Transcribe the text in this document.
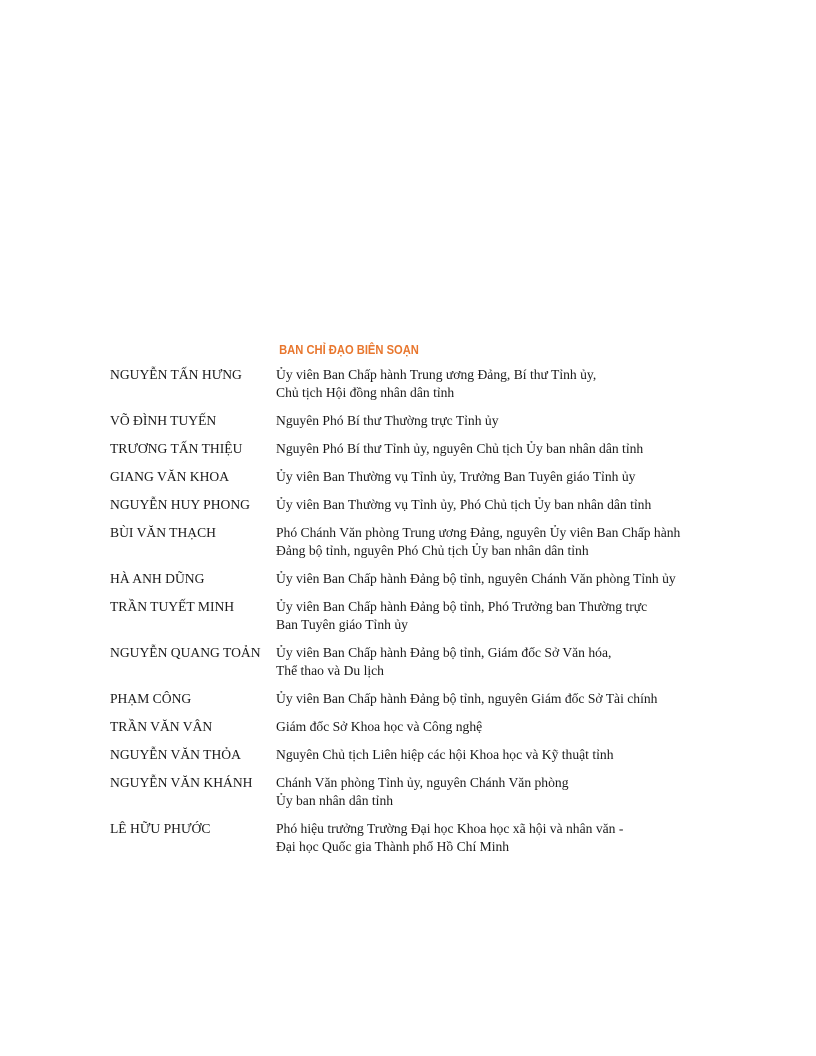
BAN CHỈ ĐẠO BIÊN SOẠN
NGUYỄN TẤN HƯNG	Ủy viên Ban Chấp hành Trung ương Đảng, Bí thư Tỉnh ủy,
Chủ tịch Hội đồng nhân dân tỉnh
VÕ ĐÌNH TUYẾN	Nguyên Phó Bí thư Thường trực Tỉnh ủy
TRƯƠNG TẤN THIỆU	Nguyên Phó Bí thư Tỉnh ủy, nguyên Chủ tịch Ủy ban nhân dân tỉnh
GIANG VĂN KHOA	Ủy viên Ban Thường vụ Tỉnh ủy, Trưởng Ban Tuyên giáo Tỉnh ủy
NGUYỄN HUY PHONG	Ủy viên Ban Thường vụ Tỉnh ủy, Phó Chủ tịch Ủy ban nhân dân tỉnh
BÙI VĂN THẠCH	Phó Chánh Văn phòng Trung ương Đảng, nguyên Ủy viên Ban Chấp hành
Đảng bộ tỉnh, nguyên Phó Chủ tịch Ủy ban nhân dân tỉnh
HÀ ANH DŨNG	Ủy viên Ban Chấp hành Đảng bộ tỉnh, nguyên Chánh Văn phòng Tỉnh ủy
TRẦN TUYẾT MINH	Ủy viên Ban Chấp hành Đảng bộ tỉnh, Phó Trưởng ban Thường trực
Ban Tuyên giáo Tỉnh ủy
NGUYỄN QUANG TOẢN	Ủy viên Ban Chấp hành Đảng bộ tỉnh, Giám đốc Sở Văn hóa,
Thể thao và Du lịch
PHẠM CÔNG	Ủy viên Ban Chấp hành Đảng bộ tỉnh, nguyên Giám đốc Sở Tài chính
TRẦN VĂN VÂN	Giám đốc Sở Khoa học và Công nghệ
NGUYỄN VĂN THỎA	Nguyên Chủ tịch Liên hiệp các hội Khoa học và Kỹ thuật tỉnh
NGUYỄN VĂN KHÁNH	Chánh Văn phòng Tỉnh ủy, nguyên Chánh Văn phòng
Ủy ban nhân dân tỉnh
LÊ HỮU PHƯỚC	Phó hiệu trưởng Trường Đại học Khoa học xã hội và nhân văn -
Đại học Quốc gia Thành phố Hồ Chí Minh
